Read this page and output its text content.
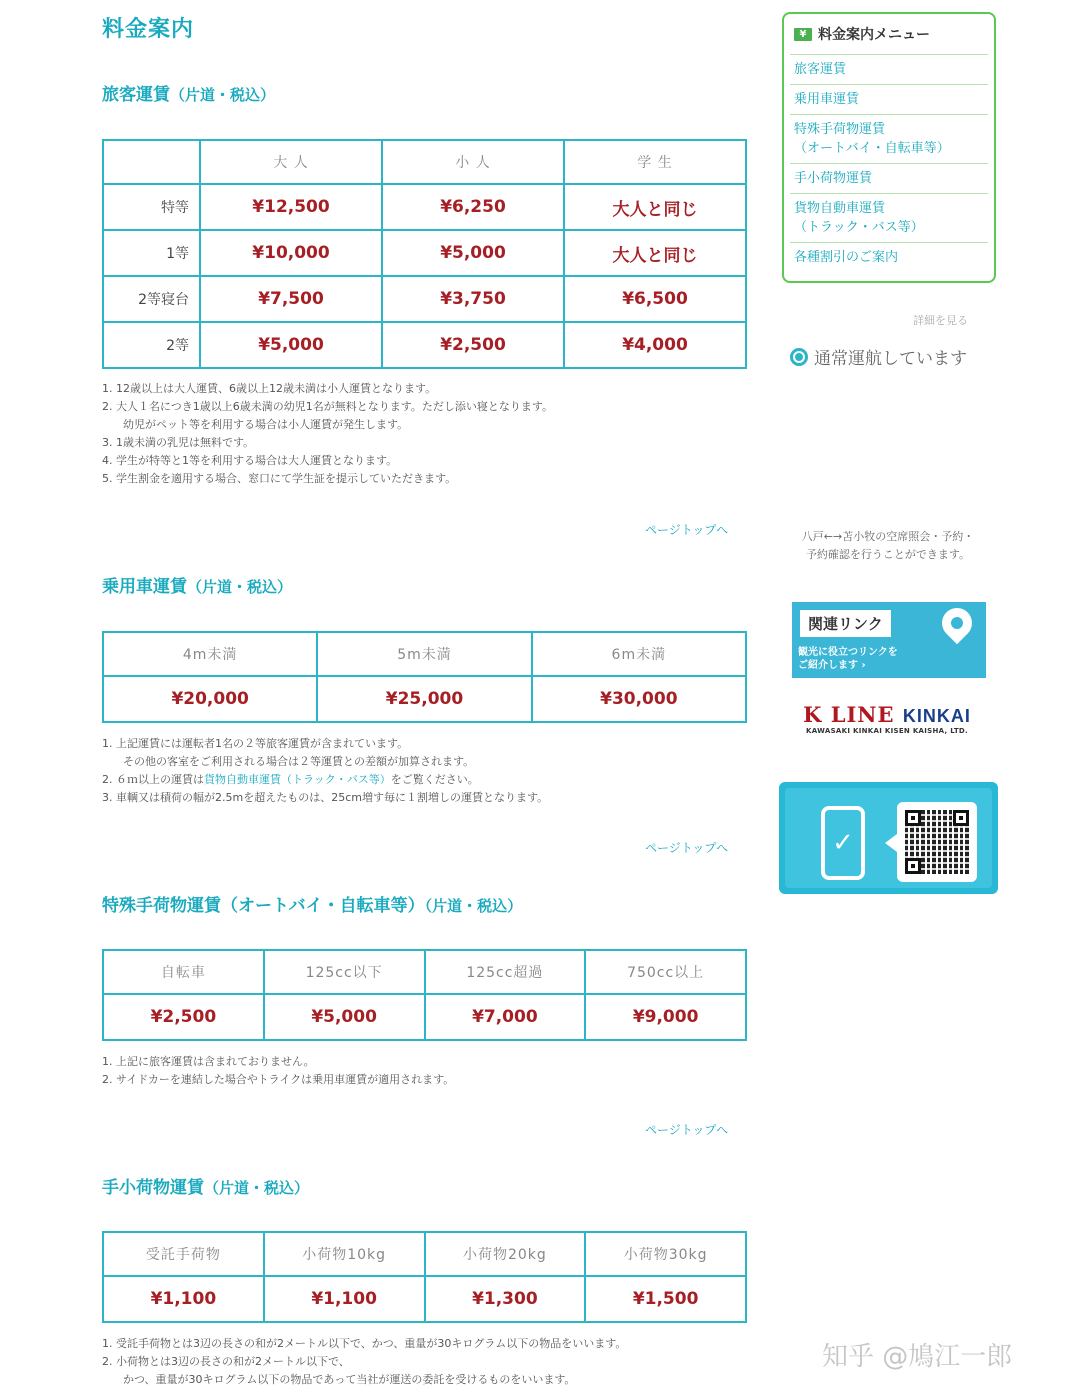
料金案内
旅客運賃（片道・税込）
	大 人	小 人	学 生
特等	¥12,500	¥6,250	大人と同じ
1等	¥10,000	¥5,000	大人と同じ
2等寝台	¥7,500	¥3,750	¥6,500
2等	¥5,000	¥2,500	¥4,000
1. 12歳以上は大人運賃、6歳以上12歳未満は小人運賃となります。
2. 大人１名につき1歳以上6歳未満の幼児1名が無料となります。ただし添い寝となります。
幼児がペット等を利用する場合は小人運賃が発生します。
3. 1歳未満の乳児は無料です。
4. 学生が特等と1等を利用する場合は大人運賃となります。
5. 学生割金を適用する場合、窓口にて学生証を提示していただきます。
ページトップへ
乗用車運賃（片道・税込）
4m未満	5m未満	6m未満
¥20,000	¥25,000	¥30,000
1. 上記運賃には運転者1名の２等旅客運賃が含まれています。
その他の客室をご利用される場合は２等運賃との差額が加算されます。
2. ６ｍ以上の運賃は貨物自動車運賃（トラック・バス等）をご覧ください。
3. 車輌又は積荷の幅が2.5mを超えたものは、25cm増す毎に１割増しの運賃となります。
ページトップへ
特殊手荷物運賃（オートバイ・自転車等）（片道・税込）
自転車	125cc以下	125cc超過	750cc以上
¥2,500	¥5,000	¥7,000	¥9,000
1. 上記に旅客運賃は含まれておりません。
2. サイドカーを連結した場合やトライクは乗用車運賃が適用されます。
ページトップへ
手小荷物運賃（片道・税込）
受託手荷物	小荷物10kg	小荷物20kg	小荷物30kg
¥1,100	¥1,100	¥1,300	¥1,500
1. 受託手荷物とは3辺の長さの和が2メートル以下で、かつ、重量が30キログラム以下の物品をいいます。
2. 小荷物とは3辺の長さの和が2メートル以下で、
かつ、重量が30キログラム以下の物品であって当社が運送の委託を受けるものをいいます。
¥ 料金案内メニュー
旅客運賃
乗用車運賃
特殊手荷物運賃
（オートバイ・自転車等）
手小荷物運賃
貨物自動車運賃
（トラック・バス等）
各種割引のご案内
詳細を見る
通常運航しています
八戸←→苫小牧の空席照会・予約・
予約確認を行うことができます。
関連リンク
観光に役立つリンクを
ご紹介します ›
K LINE KINKAI
KAWASAKI KINKAI KISEN KAISHA, LTD.
✓
知乎 @鳩江一郎
